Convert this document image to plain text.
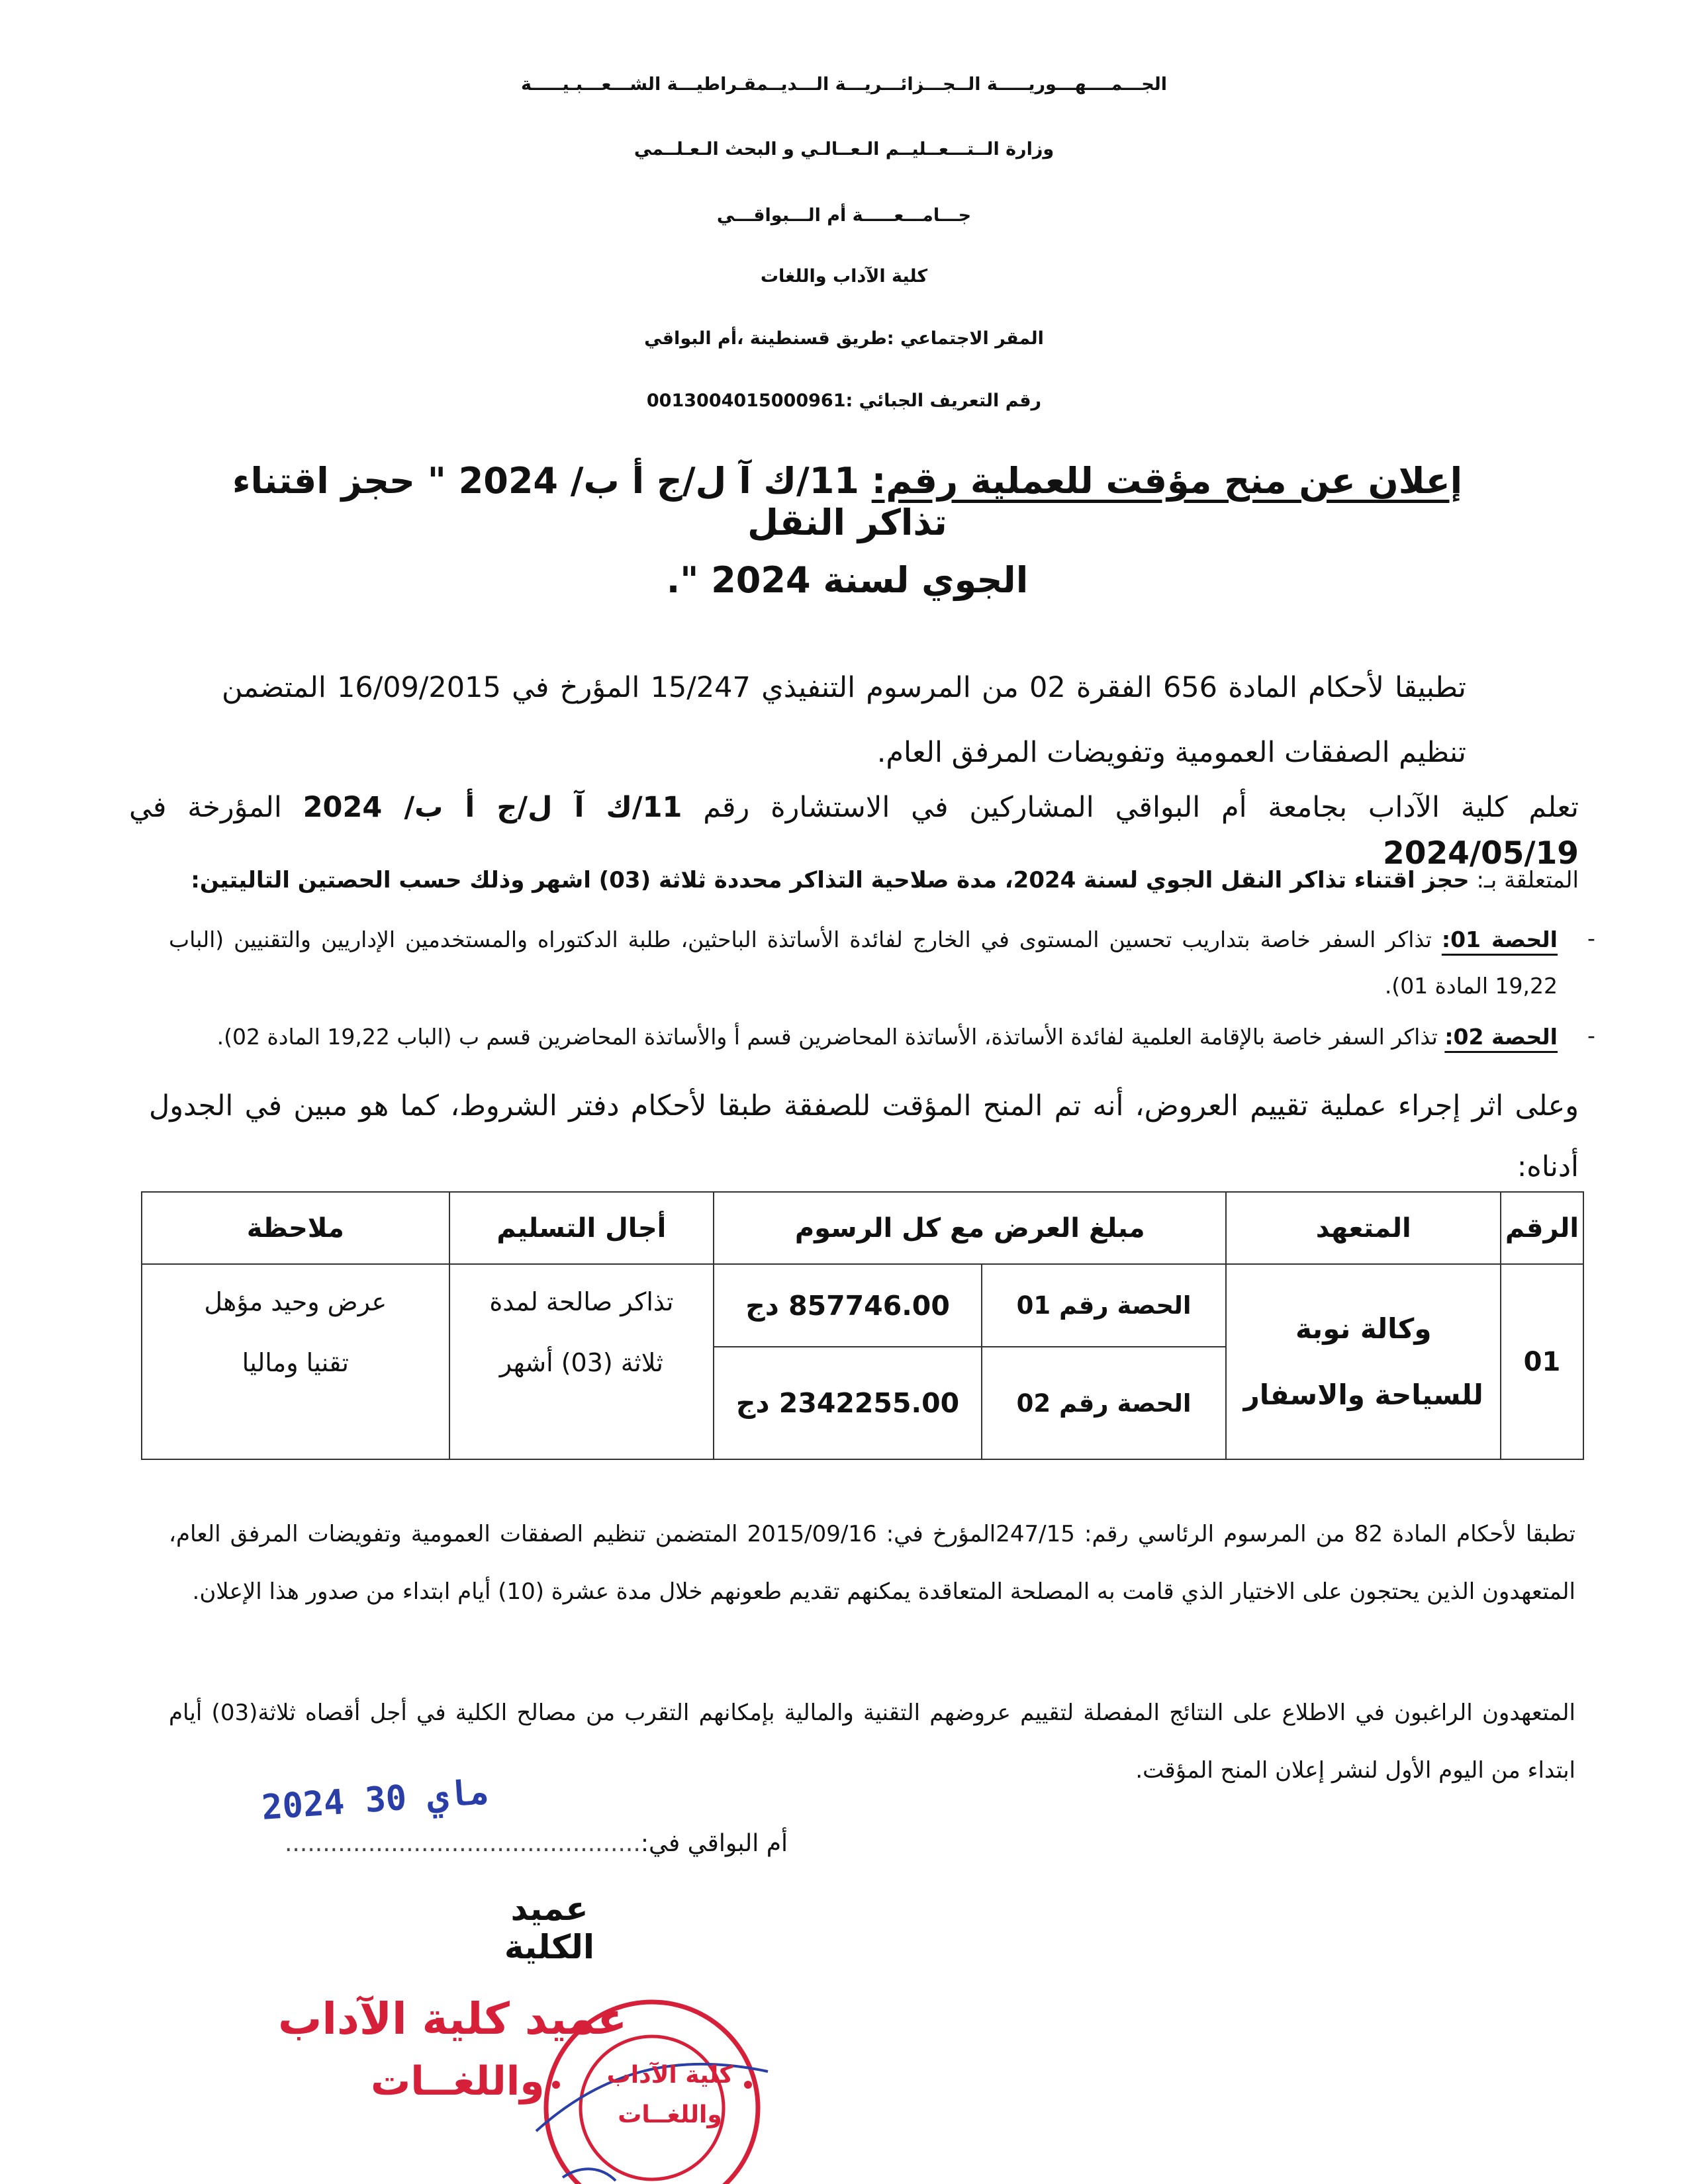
الجـــمــــهـــوريـــــة الــجـــزائـــريـــة الـــديــمقـراطيـــة الشـــعـــبـيـــــة
وزارة الــتـــعــليــم الـعــالـي و البحث الـعـلــمي
جـــامـــعـــــة أم الـــبواقـــي
كلية الآداب واللغات
المقر الاجتماعي :طريق قسنطينة ،أم البواقي
رقم التعريف الجبائي :0013004015000961
إعلان عن منح مؤقت للعملية رقم: 11/ك آ ل/ج أ ب/ 2024 " حجز اقتناء تذاكر النقل
الجوي لسنة 2024 ".
تطبيقا لأحكام المادة 656 الفقرة 02 من المرسوم التنفيذي 15/247 المؤرخ في 16/09/2015 المتضمن تنظيم الصفقات العمومية وتفويضات المرفق العام.
تعلم كلية الآداب بجامعة أم البواقي المشاركين في الاستشارة رقم 11/ك آ ل/ج أ ب/ 2024 المؤرخة في 2024/05/19
المتعلقة بـ: حجز اقتناء تذاكر النقل الجوي لسنة 2024، مدة صلاحية التذاكر محددة ثلاثة (03) اشهر وذلك حسب الحصتين التاليتين:
-
الحصة 01: تذاكر السفر خاصة بتداريب تحسين المستوى في الخارج لفائدة الأساتذة الباحثين، طلبة الدكتوراه والمستخدمين الإداريين والتقنيين (الباب 19,22 المادة 01).
-
الحصة 02: تذاكر السفر خاصة بالإقامة العلمية لفائدة الأساتذة، الأساتذة المحاضرين قسم أ والأساتذة المحاضرين قسم ب (الباب 19,22 المادة 02).
وعلى اثر إجراء عملية تقييم العروض، أنه تم المنح المؤقت للصفقة طبقا لأحكام دفتر الشروط، كما هو مبين في الجدول أدناه:
الرقم	المتعهد	مبلغ العرض مع كل الرسوم		أجال التسليم	ملاحظة
01	وكالة نوبة للسياحة والاسفار	الحصة رقم 01	857746.00 دج	تذاكر صالحة لمدة ثلاثة (03) أشهر	عرض وحيد مؤهل تقنيا وماليا
		الحصة رقم 02	2342255.00 دج		
تطبقا لأحكام المادة 82 من المرسوم الرئاسي رقم: 247/15المؤرخ في: 2015/09/16 المتضمن تنظيم الصفقات العمومية وتفويضات المرفق العام، المتعهدون الذين يحتجون على الاختيار الذي قامت به المصلحة المتعاقدة يمكنهم تقديم طعونهم خلال مدة عشرة (10) أيام ابتداء من صدور هذا الإعلان.
المتعهدون الراغبون في الاطلاع على النتائج المفصلة لتقييم عروضهم التقنية والمالية بإمكانهم التقرب من مصالح الكلية في أجل أقصاه ثلاثة(03) أيام ابتداء من اليوم الأول لنشر إعلان المنح المؤقت.
أم البواقي في:...............................................
2024 ماي 30
عميد الكلية
عميد كلية الآداب
واللغــات	كلية الآداب
واللغــات
